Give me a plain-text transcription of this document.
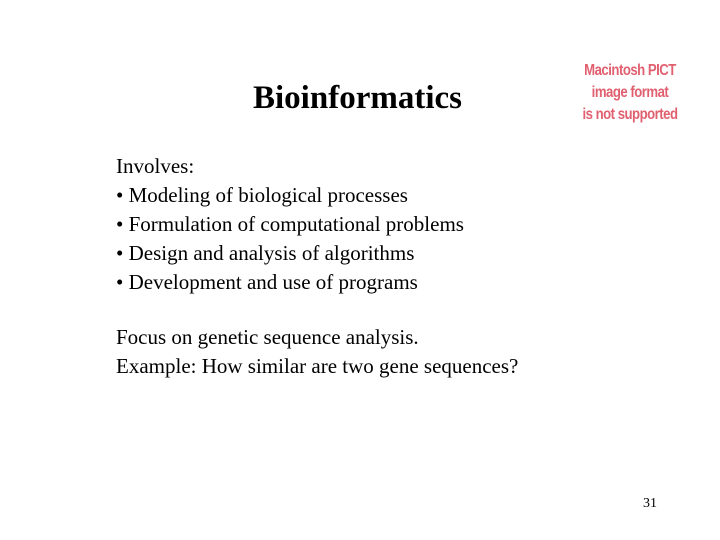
Bioinformatics
Macintosh PICT
image format
is not supported
Involves:
• Modeling of biological processes
• Formulation of computational problems
• Design and analysis of algorithms
• Development and use of programs
Focus on genetic sequence analysis.
Example: How similar are two gene sequences?
31
